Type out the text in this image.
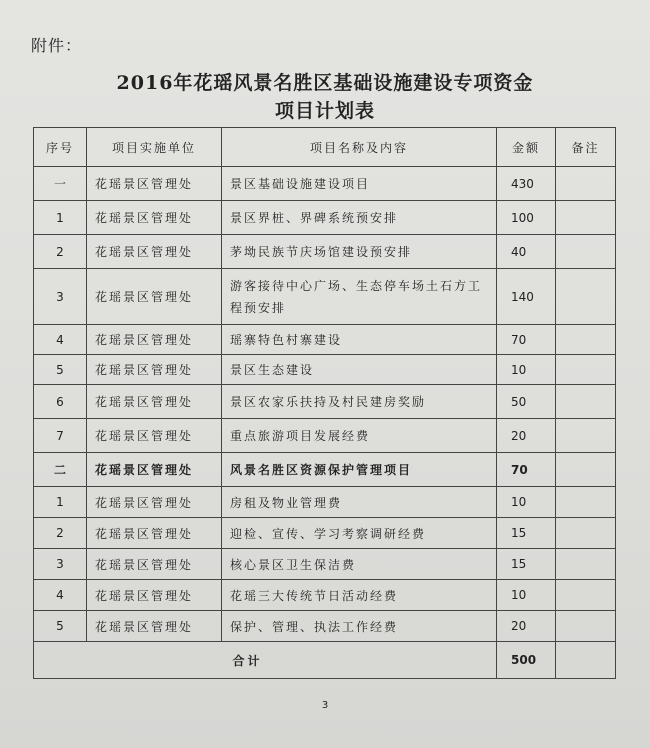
附件：
2016年花瑶风景名胜区基础设施建设专项资金
项目计划表
序号	项目实施单位	项目名称及内容	金额	备注
一	花瑶景区管理处	景区基础设施建设项目	430	
1	花瑶景区管理处	景区界桩、界碑系统预安排	100	
2	花瑶景区管理处	茅坳民族节庆场馆建设预安排	40	
3	花瑶景区管理处	游客接待中心广场、生态停车场土石方工程预安排	140	
4	花瑶景区管理处	瑶寨特色村寨建设	70	
5	花瑶景区管理处	景区生态建设	10	
6	花瑶景区管理处	景区农家乐扶持及村民建房奖励	50	
7	花瑶景区管理处	重点旅游项目发展经费	20	
二	花瑶景区管理处	风景名胜区资源保护管理项目	70	
1	花瑶景区管理处	房租及物业管理费	10	
2	花瑶景区管理处	迎检、宣传、学习考察调研经费	15	
3	花瑶景区管理处	核心景区卫生保洁费	15	
4	花瑶景区管理处	花瑶三大传统节日活动经费	10	
5	花瑶景区管理处	保护、管理、执法工作经费	20	
合计			500	
3
